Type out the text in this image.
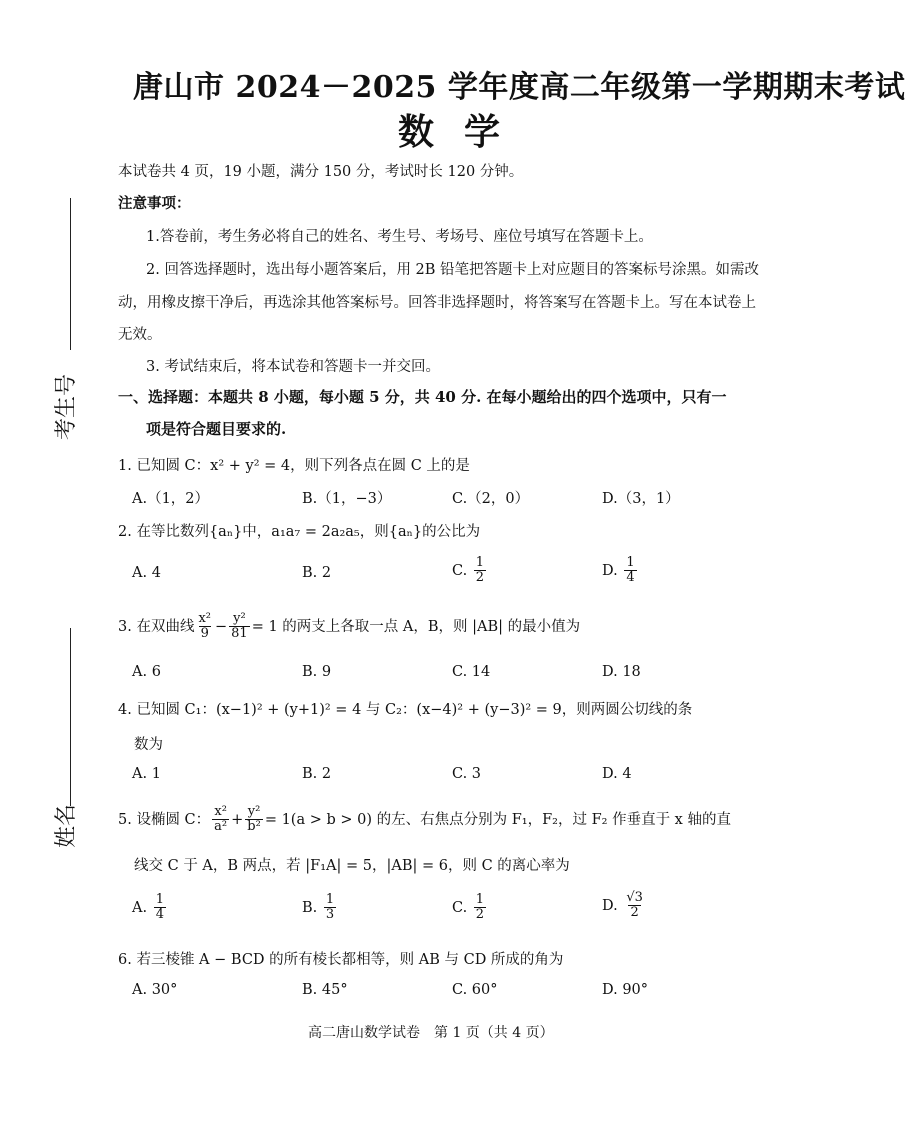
唐山市 2024－2025 学年度高二年级第一学期期末考试
数学
本试卷共 4 页，19 小题，满分 150 分，考试时长 120 分钟。
注意事项：
1.答卷前，考生务必将自己的姓名、考生号、考场号、座位号填写在答题卡上。
2. 回答选择题时，选出每小题答案后，用 2B 铅笔把答题卡上对应题目的答案标号涂黑。如需改
动，用橡皮擦干净后，再选涂其他答案标号。回答非选择题时，将答案写在答题卡上。写在本试卷上
无效。
3. 考试结束后，将本试卷和答题卡一并交回。
考生号
姓名
一、选择题：本题共 8 小题，每小题 5 分，共 40 分. 在每小题给出的四个选项中，只有一
项是符合题目要求的.
1. 已知圆 C：x² + y² = 4，则下列各点在圆 C 上的是
A.（1，2）	B.（1，−3）	C.（2，0）	D.（3，1）
2. 在等比数列{aₙ}中，a₁a₇ = 2a₂a₅，则{aₙ}的公比为
A. 4	B. 2	C. $\frac{1}{2}$	D. $\frac{1}{4}$
3. 在双曲线 $\frac{\text{x²}}{9} - \frac{\text{y²}}{81} = 1$ 的两支上各取一点 A，B，则 |AB| 的最小值为
A. 6	B. 9	C. 14	D. 18
4. 已知圆 C₁：(x−1)² + (y+1)² = 4 与 C₂：(x−4)² + (y−3)² = 9，则两圆公切线的条
数为
A. 1	B. 2	C. 3	D. 4
5. 设椭圆 C： $\frac{\text{x²}}{\text{a²}} + \frac{\text{y²}}{\text{b²}} = 1(a > b > 0)$ 的左、右焦点分别为 F₁，F₂，过 F₂ 作垂直于 x 轴的直
线交 C 于 A，B 两点，若 |F₁A| = 5，|AB| = 6，则 C 的离心率为
A. $\frac{1}{4}$	B. $\frac{1}{3}$	C. $\frac{1}{2}$	D. $\frac{√3}{2}$
6. 若三棱锥 A − BCD 的所有棱长都相等，则 AB 与 CD 所成的角为
A. 30°	B. 45°	C. 60°	D. 90°
高二唐山数学试卷　第 1 页（共 4 页）
